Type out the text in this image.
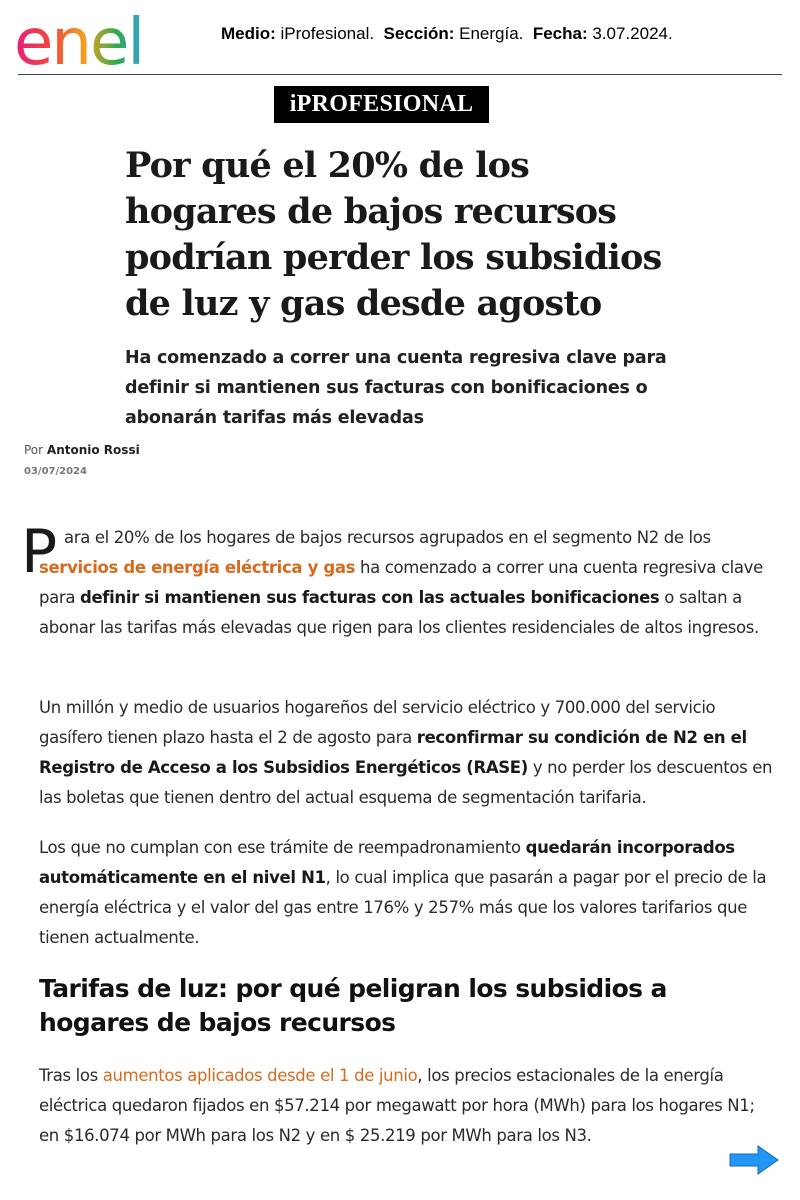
enel	Medio: iProfesional. Sección: Energía. Fecha: 3.07.2024.
iPROFESIONAL
Por qué el 20% de los hogares de bajos recursos podrían perder los subsidios de luz y gas desde agosto

Ha comenzado a correr una cuenta regresiva clave para definir si mantienen sus facturas con bonificaciones o abonarán tarifas más elevadas

Por Antonio Rossi
03/07/2024
P ara el 20% de los hogares de bajos recursos agrupados en el segmento N2 de los servicios de energía eléctrica y gas ha comenzado a correr una cuenta regresiva clave para definir si mantienen sus facturas con las actuales bonificaciones o saltan a abonar las tarifas más elevadas que rigen para los clientes residenciales de altos ingresos.

Un millón y medio de usuarios hogareños del servicio eléctrico y 700.000 del servicio gasífero tienen plazo hasta el 2 de agosto para reconfirmar su condición de N2 en el Registro de Acceso a los Subsidios Energéticos (RASE) y no perder los descuentos en las boletas que tienen dentro del actual esquema de segmentación tarifaria.

Los que no cumplan con ese trámite de reempadronamiento quedarán incorporados automáticamente en el nivel N1, lo cual implica que pasarán a pagar por el precio de la energía eléctrica y el valor del gas entre 176% y 257% más que los valores tarifarios que tienen actualmente.

Tarifas de luz: por qué peligran los subsidios a hogares de bajos recursos

Tras los aumentos aplicados desde el 1 de junio, los precios estacionales de la energía eléctrica quedaron fijados en $57.214 por megawatt por hora (MWh) para los hogares N1; en $16.074 por MWh para los N2 y en $ 25.219 por MWh para los N3.
